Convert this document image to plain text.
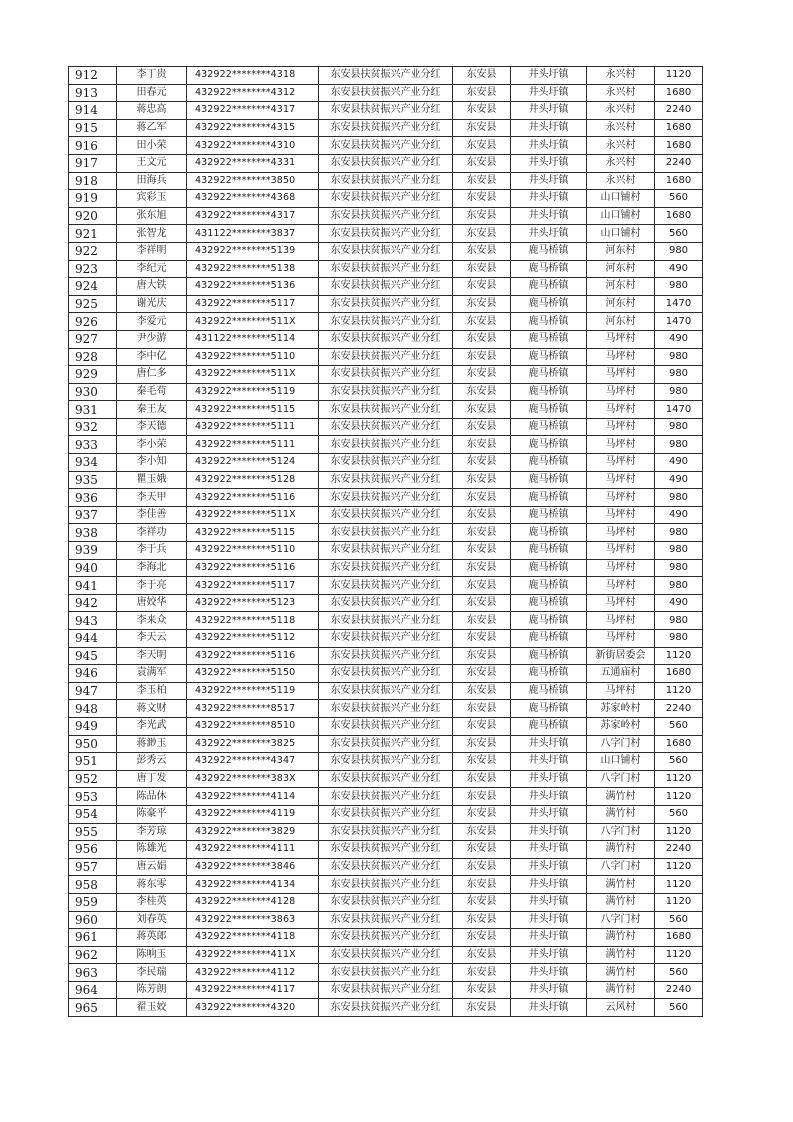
912	李丁贵	432922********4318	东安县扶贫振兴产业分红	东安县	井头圩镇	永兴村	1120
913	田春元	432922********4312	东安县扶贫振兴产业分红	东安县	井头圩镇	永兴村	1680
914	蒋忠高	432922********4317	东安县扶贫振兴产业分红	东安县	井头圩镇	永兴村	2240
915	蒋乙军	432922********4315	东安县扶贫振兴产业分红	东安县	井头圩镇	永兴村	1680
916	田小荣	432922********4310	东安县扶贫振兴产业分红	东安县	井头圩镇	永兴村	1680
917	王文元	432922********4331	东安县扶贫振兴产业分红	东安县	井头圩镇	永兴村	2240
918	田海兵	432922********3850	东安县扶贫振兴产业分红	东安县	井头圩镇	永兴村	1680
919	宾彩玉	432922********4368	东安县扶贫振兴产业分红	东安县	井头圩镇	山口铺村	560
920	张东旭	432922********4317	东安县扶贫振兴产业分红	东安县	井头圩镇	山口铺村	1680
921	张智龙	431122********3837	东安县扶贫振兴产业分红	东安县	井头圩镇	山口铺村	560
922	李祥明	432922********5139	东安县扶贫振兴产业分红	东安县	鹿马桥镇	河东村	980
923	李纪元	432922********5138	东安县扶贫振兴产业分红	东安县	鹿马桥镇	河东村	490
924	唐大铁	432922********5136	东安县扶贫振兴产业分红	东安县	鹿马桥镇	河东村	980
925	谢光庆	432922********5117	东安县扶贫振兴产业分红	东安县	鹿马桥镇	河东村	1470
926	李爱元	432922********511X	东安县扶贫振兴产业分红	东安县	鹿马桥镇	河东村	1470
927	尹少游	431122********5114	东安县扶贫振兴产业分红	东安县	鹿马桥镇	马坪村	490
928	李中亿	432922********5110	东安县扶贫振兴产业分红	东安县	鹿马桥镇	马坪村	980
929	唐仁多	432922********511X	东安县扶贫振兴产业分红	东安县	鹿马桥镇	马坪村	980
930	秦毛苟	432922********5119	东安县扶贫振兴产业分红	东安县	鹿马桥镇	马坪村	980
931	秦王友	432922********5115	东安县扶贫振兴产业分红	东安县	鹿马桥镇	马坪村	1470
932	李天德	432922********5111	东安县扶贫振兴产业分红	东安县	鹿马桥镇	马坪村	980
933	李小荣	432922********5111	东安县扶贫振兴产业分红	东安县	鹿马桥镇	马坪村	980
934	李小知	432922********5124	东安县扶贫振兴产业分红	东安县	鹿马桥镇	马坪村	490
935	瞿玉娥	432922********5128	东安县扶贫振兴产业分红	东安县	鹿马桥镇	马坪村	490
936	李天甲	432922********5116	东安县扶贫振兴产业分红	东安县	鹿马桥镇	马坪村	980
937	李佳善	432922********511X	东安县扶贫振兴产业分红	东安县	鹿马桥镇	马坪村	490
938	李祥功	432922********5115	东安县扶贫振兴产业分红	东安县	鹿马桥镇	马坪村	980
939	李于兵	432922********5110	东安县扶贫振兴产业分红	东安县	鹿马桥镇	马坪村	980
940	李海北	432922********5116	东安县扶贫振兴产业分红	东安县	鹿马桥镇	马坪村	980
941	李于亮	432922********5117	东安县扶贫振兴产业分红	东安县	鹿马桥镇	马坪村	980
942	唐姣华	432922********5123	东安县扶贫振兴产业分红	东安县	鹿马桥镇	马坪村	490
943	李来众	432922********5118	东安县扶贫振兴产业分红	东安县	鹿马桥镇	马坪村	980
944	李天云	432922********5112	东安县扶贫振兴产业分红	东安县	鹿马桥镇	马坪村	980
945	李天明	432922********5116	东安县扶贫振兴产业分红	东安县	鹿马桥镇	新街居委会	1120
946	袁满军	432922********5150	东安县扶贫振兴产业分红	东安县	鹿马桥镇	五通庙村	1680
947	李玉柏	432922********5119	东安县扶贫振兴产业分红	东安县	鹿马桥镇	马坪村	1120
948	蒋文财	432922********8517	东安县扶贫振兴产业分红	东安县	鹿马桥镇	苏家岭村	2240
949	李光武	432922********8510	东安县扶贫振兴产业分红	东安县	鹿马桥镇	苏家岭村	560
950	蒋渺玉	432922********3825	东安县扶贫振兴产业分红	东安县	井头圩镇	八字门村	1680
951	彭秀云	432922********4347	东安县扶贫振兴产业分红	东安县	井头圩镇	山口铺村	560
952	唐丁发	432922********383X	东安县扶贫振兴产业分红	东安县	井头圩镇	八字门村	1120
953	陈品休	432922********4114	东安县扶贫振兴产业分红	东安县	井头圩镇	满竹村	1120
954	陈豪平	432922********4119	东安县扶贫振兴产业分红	东安县	井头圩镇	满竹村	560
955	李芳琼	432922********3829	东安县扶贫振兴产业分红	东安县	井头圩镇	八字门村	1120
956	陈雄光	432922********4111	东安县扶贫振兴产业分红	东安县	井头圩镇	满竹村	2240
957	唐云娟	432922********3846	东安县扶贫振兴产业分红	东安县	井头圩镇	八字门村	1120
958	蒋东零	432922********4134	东安县扶贫振兴产业分红	东安县	井头圩镇	满竹村	1120
959	李桂英	432922********4128	东安县扶贫振兴产业分红	东安县	井头圩镇	满竹村	1120
960	刘春英	432922********3863	东安县扶贫振兴产业分红	东安县	井头圩镇	八字门村	560
961	蒋英郎	432922********4118	东安县扶贫振兴产业分红	东安县	井头圩镇	满竹村	1680
962	陈响玉	432922********411X	东安县扶贫振兴产业分红	东安县	井头圩镇	满竹村	1120
963	李民瑞	432922********4112	东安县扶贫振兴产业分红	东安县	井头圩镇	满竹村	560
964	陈芳朗	432922********4117	东安县扶贫振兴产业分红	东安县	井头圩镇	满竹村	2240
965	翟玉姣	432922********4320	东安县扶贫振兴产业分红	东安县	井头圩镇	云风村	560
